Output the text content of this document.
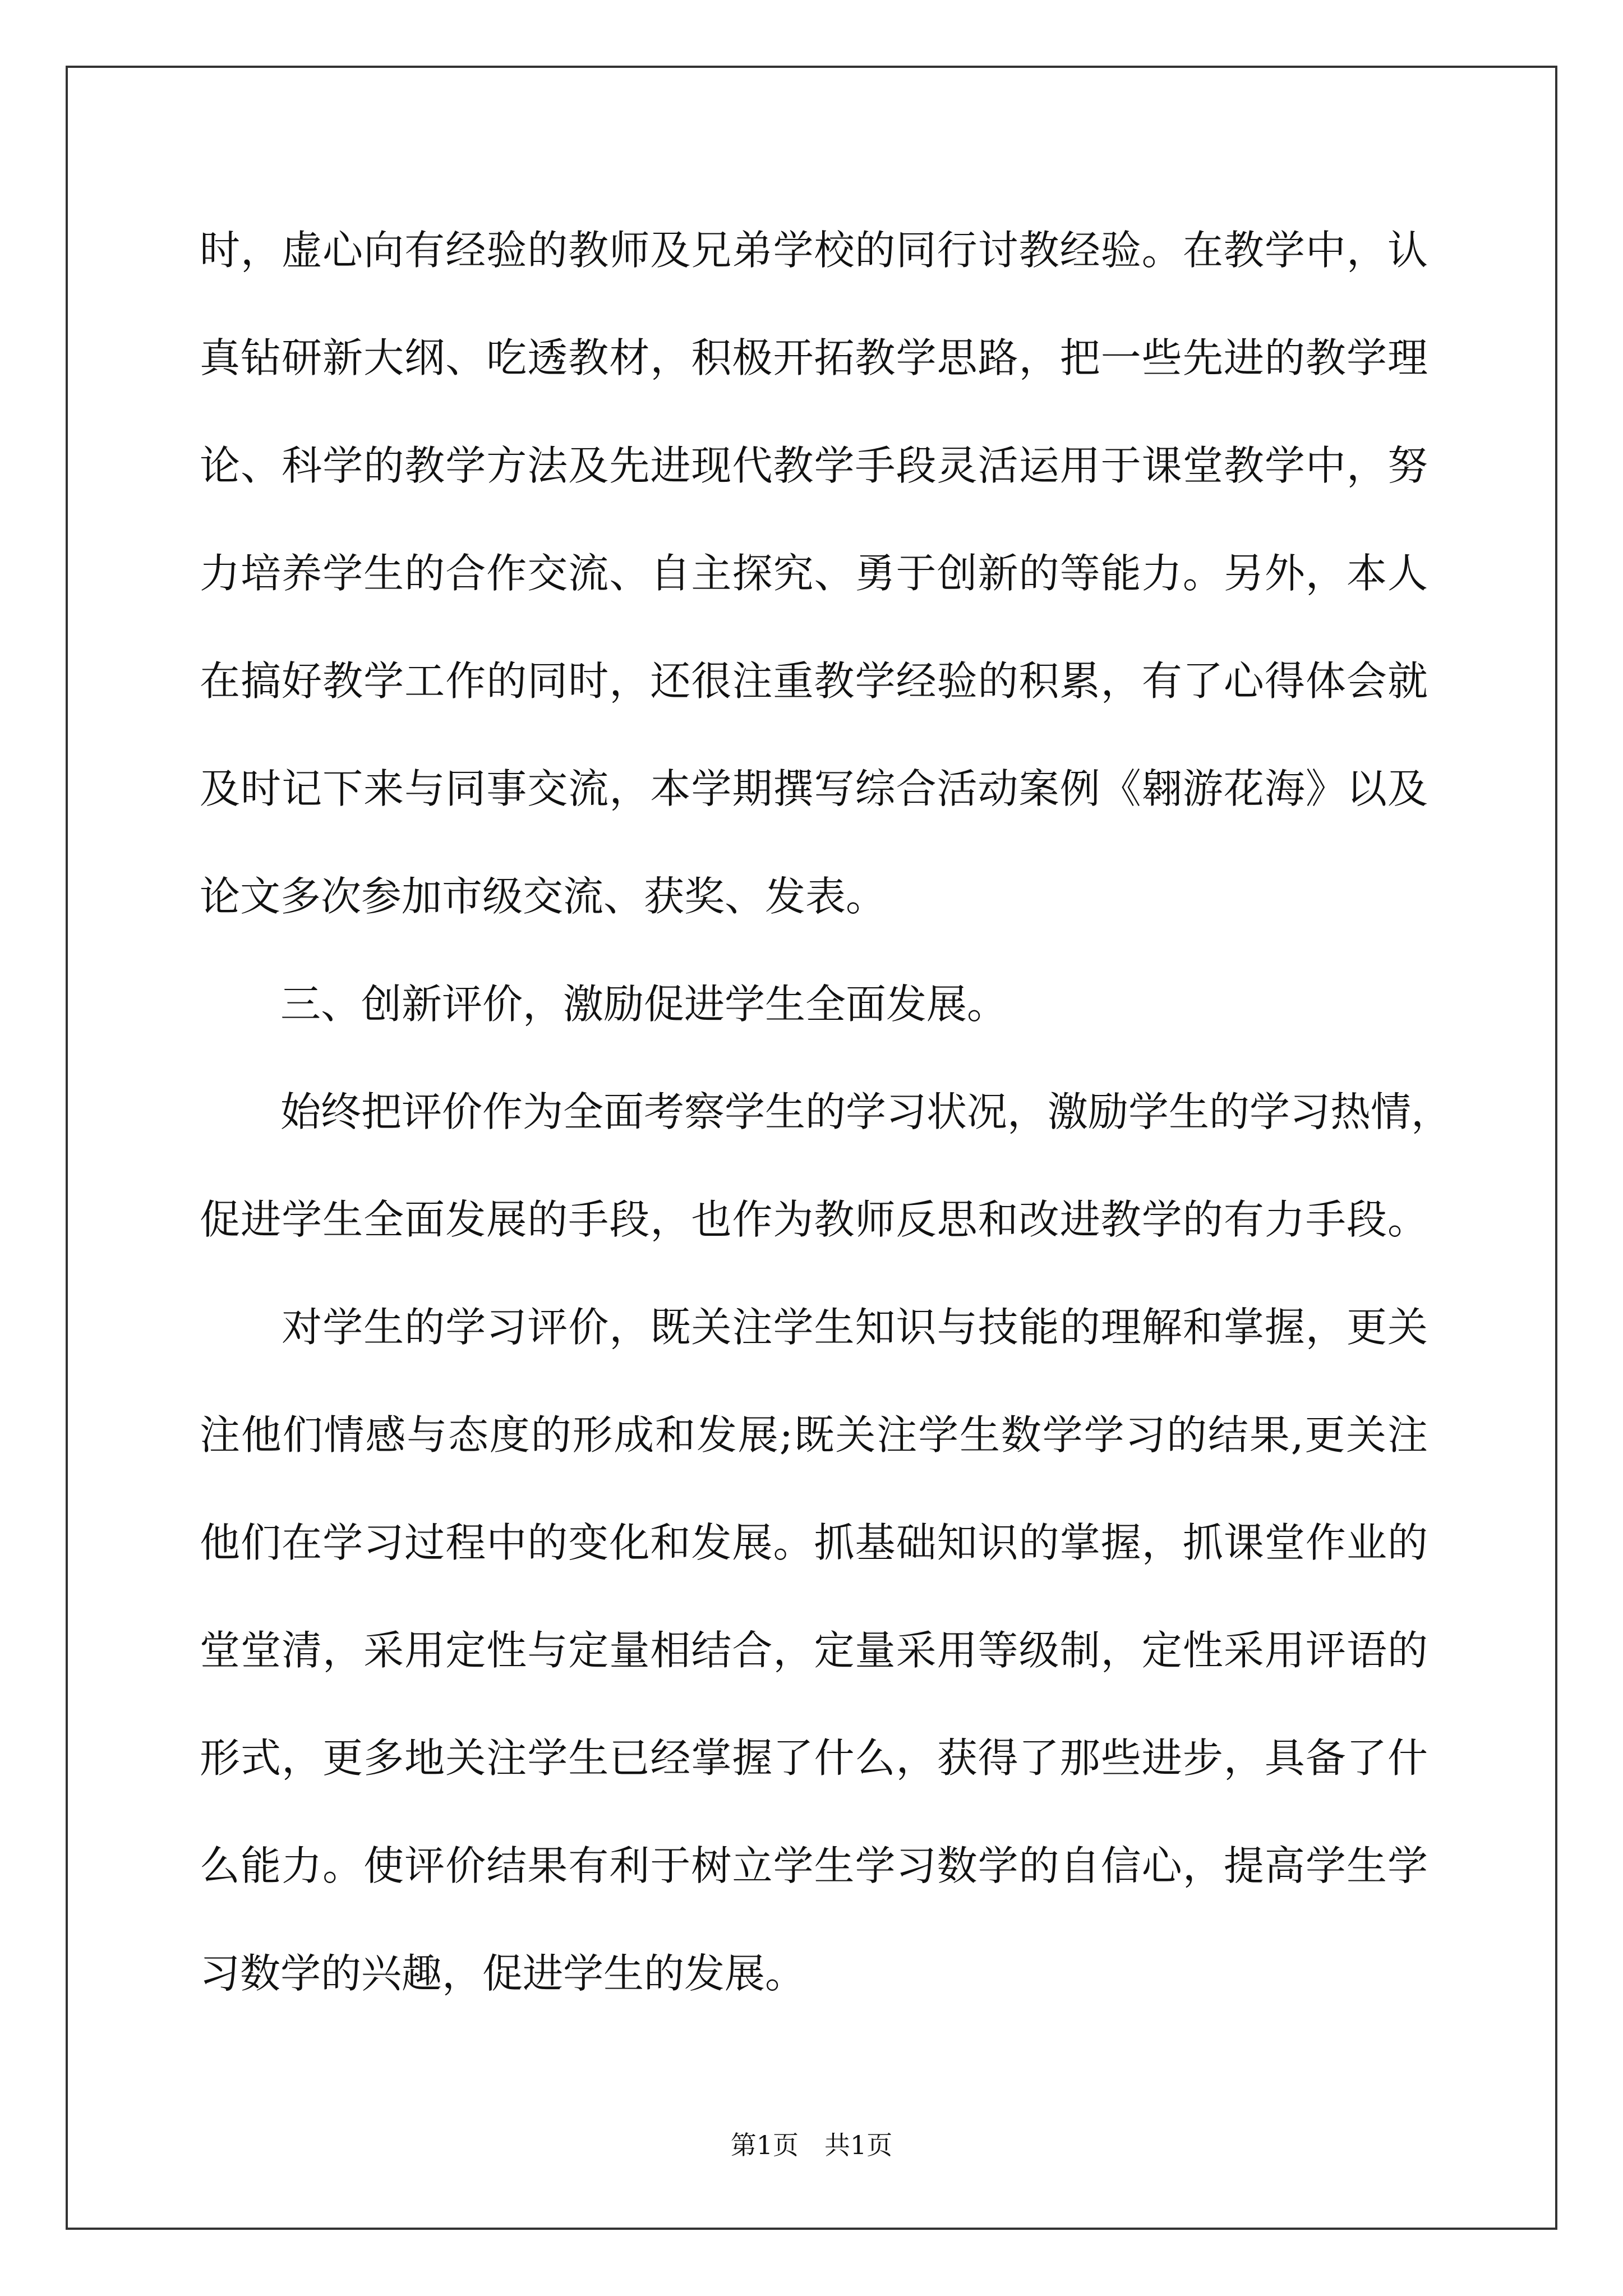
时，虚心向有经验的教师及兄弟学校的同行讨教经验。在教学中，认
真钻研新大纲、吃透教材，积极开拓教学思路，把一些先进的教学理
论、科学的教学方法及先进现代教学手段灵活运用于课堂教学中，努
力培养学生的合作交流、自主探究、勇于创新的等能力。另外，本人
在搞好教学工作的同时，还很注重教学经验的积累，有了心得体会就
及时记下来与同事交流，本学期撰写综合活动案例《翱游花海》以及
论文多次参加市级交流、获奖、发表。
　　三、创新评价，激励促进学生全面发展。
　　始终把评价作为全面考察学生的学习状况，激励学生的学习热情，
促进学生全面发展的手段，也作为教师反思和改进教学的有力手段。
　　对学生的学习评价，既关注学生知识与技能的理解和掌握，更关
注他们情感与态度的形成和发展;既关注学生数学学习的结果,更关注
他们在学习过程中的变化和发展。抓基础知识的掌握，抓课堂作业的
堂堂清，采用定性与定量相结合，定量采用等级制，定性采用评语的
形式，更多地关注学生已经掌握了什么，获得了那些进步，具备了什
么能力。使评价结果有利于树立学生学习数学的自信心，提高学生学
习数学的兴趣，促进学生的发展。
第1页　共1页
